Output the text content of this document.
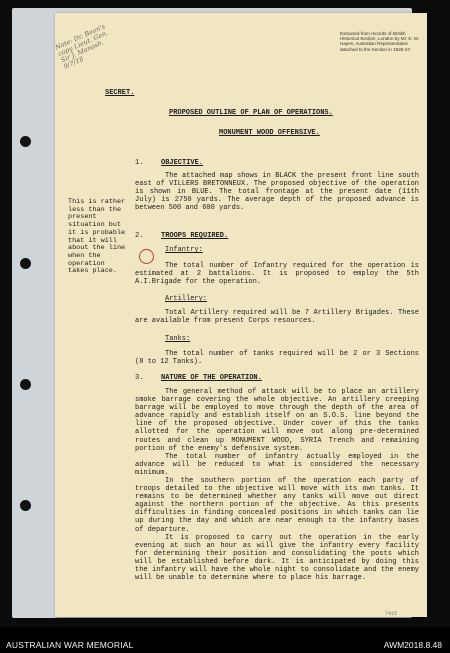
Note: Dr. Bean's copy Lieut. Gen. Sir J. Monash. 9/7/18
Extracted from records of British Historical Section, London by Mr. E. M. Hayes, Australian Representative attached to the Section in 1926-27.
SECRET.
PROPOSED OUTLINE OF PLAN OF OPERATIONS.
MONUMENT WOOD OFFENSIVE.
This is rather less than the present situation but it is probable that it will about the line when the operation takes place.
1.	OBJECTIVE.
The attached map shows in BLACK the present front line south east of VILLERS BRETONNEUX. The proposed objective of the operation is shown in BLUE. The total frontage at the present date (11th July) is 2750 yards. The average depth of the proposed advance is between 500 and 600 yards.
2.	TROOPS REQUIRED.
Infantry:
The total number of Infantry required for the operation is estimated at 2 battalions. It is proposed to employ the 5th A.I.Brigade for the operation.
Artillery:
Total Artillery required will be 7 Artillery Brigades. These are available from present Corps resources.
Tanks:
The total number of tanks required will be 2 or 3 Sections (8 to 12 Tanks).
3.	NATURE OF THE OPERATION.
The general method of attack will be to place an artillery smoke barrage covering the whole objective. An artillery creeping barrage will be employed to move through the depth of the area of advance rapidly and establish itself on an S.O.S. line beyond the line of the proposed objective. Under cover of this the tanks allotted for the operation will move out along pre-determined routes and clean up MONUMENT WOOD, SYRIA Trench and remaining portion of the enemy's defensive system.
The total number of infantry actually employed in the advance will be reduced to what is considered the necessary minimum.
In the southern portion of the operation each party of troops detailed to the objective will move with its own tanks. It remains to be determined whether any tanks will move out direct against the northern portion of the objective. As this presents difficulties in finding concealed positions in which tanks can lie up during the day and which are near enough to the infantry bases of departure.
It is proposed to carry out the operation in the early evening at such an hour as will give the infantry every facility for determining their position and consolidating the posts which will be established before dark. It is anticipated by doing this the infantry will have the whole night to consolidate and the enemy will be unable to determine where to place his barrage.
7415
AUSTRALIAN WAR MEMORIAL	AWM2018.8.48
